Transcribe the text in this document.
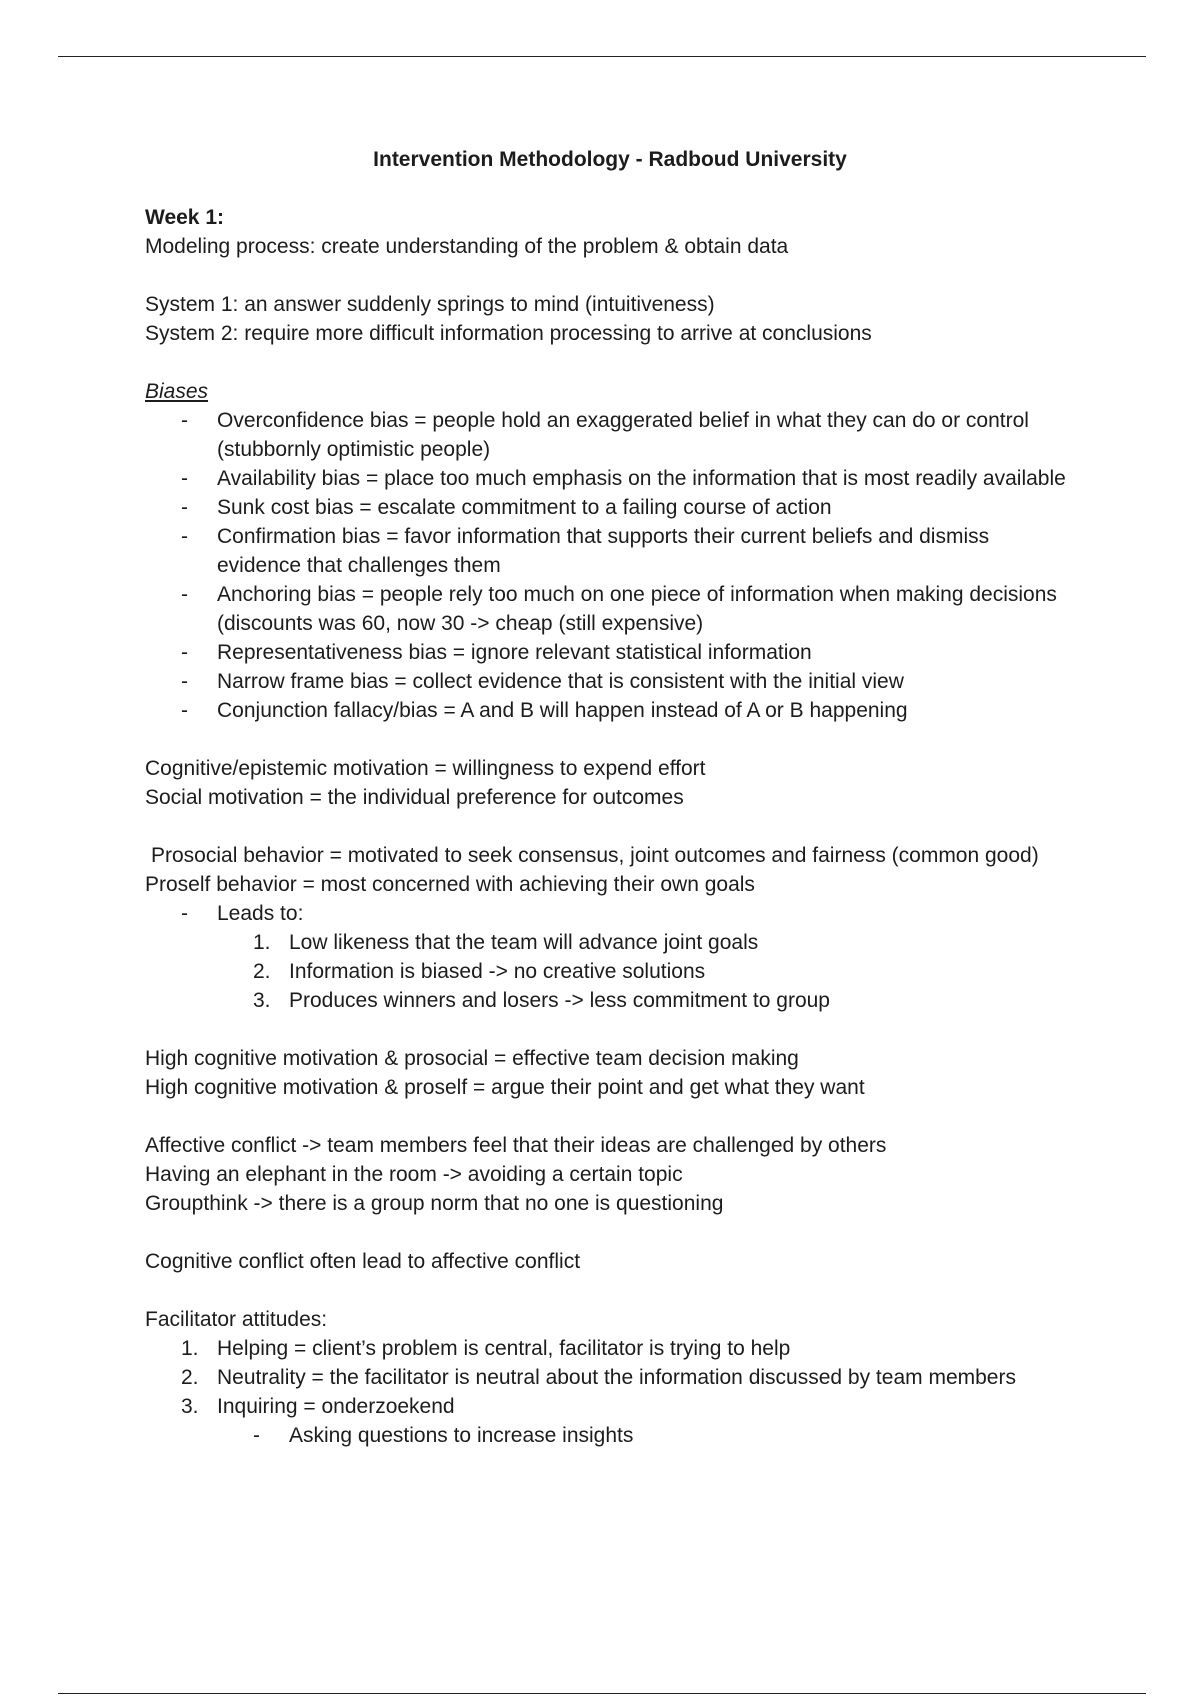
Intervention Methodology - Radboud University
Week 1:
Modeling process: create understanding of the problem & obtain data
System 1: an answer suddenly springs to mind (intuitiveness)
System 2: require more difficult information processing to arrive at conclusions
Biases
- Overconfidence bias = people hold an exaggerated belief in what they can do or control (stubbornly optimistic people)
- Availability bias = place too much emphasis on the information that is most readily available
- Sunk cost bias = escalate commitment to a failing course of action
- Confirmation bias = favor information that supports their current beliefs and dismiss evidence that challenges them
- Anchoring bias = people rely too much on one piece of information when making decisions (discounts was 60, now 30 -> cheap (still expensive)
- Representativeness bias = ignore relevant statistical information
- Narrow frame bias = collect evidence that is consistent with the initial view
- Conjunction fallacy/bias = A and B will happen instead of A or B happening
Cognitive/epistemic motivation = willingness to expend effort
Social motivation = the individual preference for outcomes
Prosocial behavior = motivated to seek consensus, joint outcomes and fairness (common good)
Proself behavior = most concerned with achieving their own goals
- Leads to:
1. Low likeness that the team will advance joint goals
2. Information is biased -> no creative solutions
3. Produces winners and losers -> less commitment to group
High cognitive motivation & prosocial = effective team decision making
High cognitive motivation & proself = argue their point and get what they want
Affective conflict -> team members feel that their ideas are challenged by others
Having an elephant in the room -> avoiding a certain topic
Groupthink -> there is a group norm that no one is questioning
Cognitive conflict often lead to affective conflict
Facilitator attitudes:
1. Helping = client’s problem is central, facilitator is trying to help
2. Neutrality = the facilitator is neutral about the information discussed by team members
3. Inquiring = onderzoekend
- Asking questions to increase insights
